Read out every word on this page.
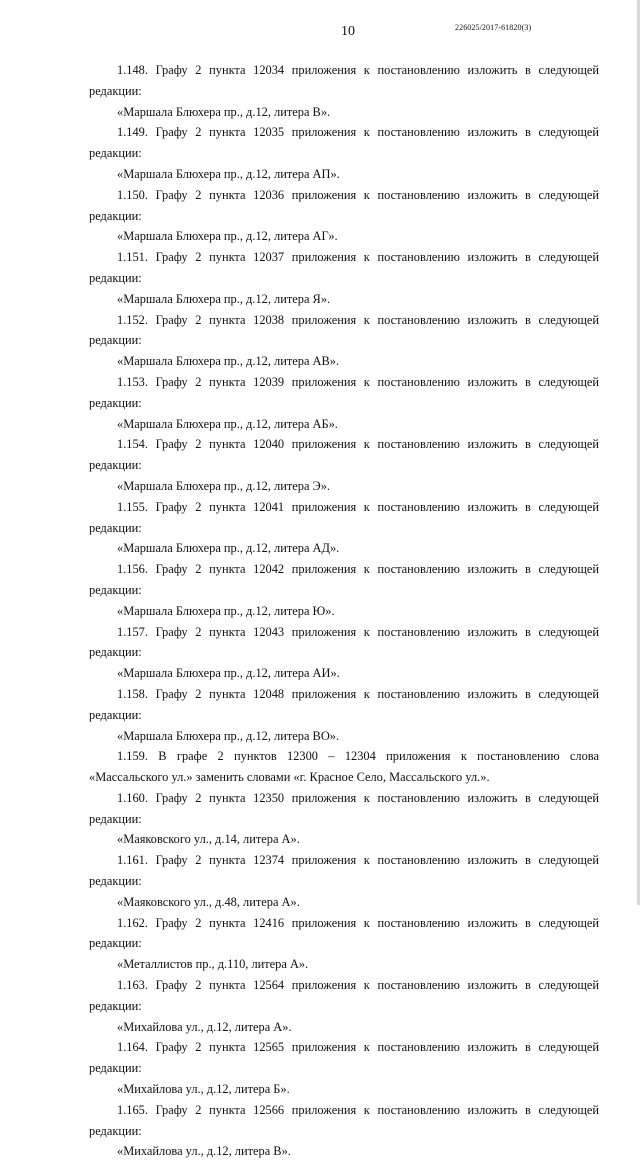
10	226025/2017-61820(3)
1.148. Графу 2 пункта 12034 приложения к постановлению изложить в следующей
редакции:
«Маршала Блюхера пр., д.12, литера В».
1.149. Графу 2 пункта 12035 приложения к постановлению изложить в следующей
редакции:
«Маршала Блюхера пр., д.12, литера АП».
1.150. Графу 2 пункта 12036 приложения к постановлению изложить в следующей
редакции:
«Маршала Блюхера пр., д.12, литера АГ».
1.151. Графу 2 пункта 12037 приложения к постановлению изложить в следующей
редакции:
«Маршала Блюхера пр., д.12, литера Я».
1.152. Графу 2 пункта 12038 приложения к постановлению изложить в следующей
редакции:
«Маршала Блюхера пр., д.12, литера АВ».
1.153. Графу 2 пункта 12039 приложения к постановлению изложить в следующей
редакции:
«Маршала Блюхера пр., д.12, литера АБ».
1.154. Графу 2 пункта 12040 приложения к постановлению изложить в следующей
редакции:
«Маршала Блюхера пр., д.12, литера Э».
1.155. Графу 2 пункта 12041 приложения к постановлению изложить в следующей
редакции:
«Маршала Блюхера пр., д.12, литера АД».
1.156. Графу 2 пункта 12042 приложения к постановлению изложить в следующей
редакции:
«Маршала Блюхера пр., д.12, литера Ю».
1.157. Графу 2 пункта 12043 приложения к постановлению изложить в следующей
редакции:
«Маршала Блюхера пр., д.12, литера АИ».
1.158. Графу 2 пункта 12048 приложения к постановлению изложить в следующей
редакции:
«Маршала Блюхера пр., д.12, литера ВО».
1.159. В графе 2 пунктов 12300 – 12304 приложения к постановлению слова
«Массальского ул.» заменить словами «г. Красное Село, Массальского ул.».
1.160. Графу 2 пункта 12350 приложения к постановлению изложить в следующей
редакции:
«Маяковского ул., д.14, литера А».
1.161. Графу 2 пункта 12374 приложения к постановлению изложить в следующей
редакции:
«Маяковского ул., д.48, литера А».
1.162. Графу 2 пункта 12416 приложения к постановлению изложить в следующей
редакции:
«Металлистов пр., д.110, литера А».
1.163. Графу 2 пункта 12564 приложения к постановлению изложить в следующей
редакции:
«Михайлова ул., д.12, литера А».
1.164. Графу 2 пункта 12565 приложения к постановлению изложить в следующей
редакции:
«Михайлова ул., д.12, литера Б».
1.165. Графу 2 пункта 12566 приложения к постановлению изложить в следующей
редакции:
«Михайлова ул., д.12, литера В».
